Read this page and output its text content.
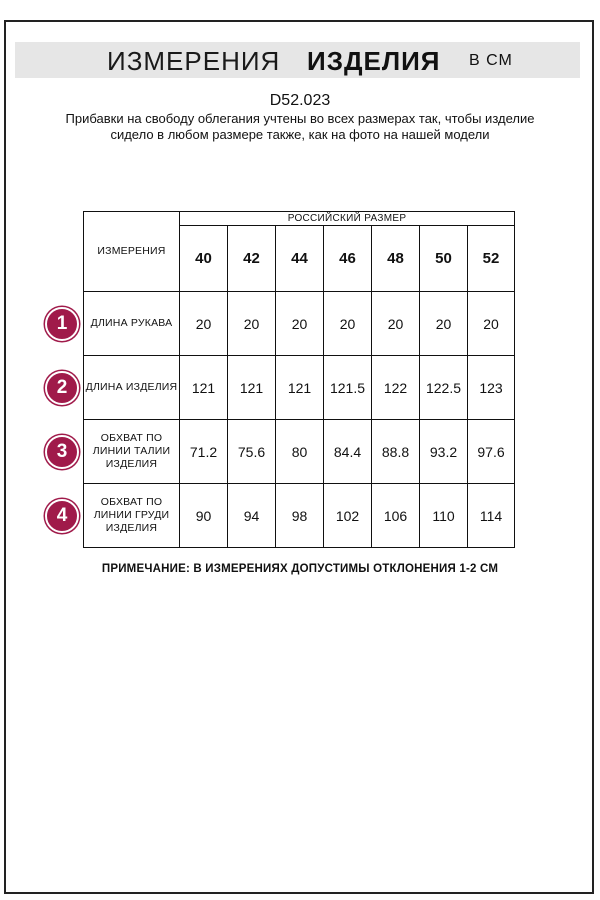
ИЗМЕРЕНИЯ ИЗДЕЛИЯ В СМ
D52.023
Прибавки на свободу облегания учтены во всех размерах так, чтобы изделие сидело в любом размере также, как на фото на нашей модели
ИЗМЕРЕНИЯ	РОССИЙСКИЙ РАЗМЕР						
	40	42	44	46	48	50	52
ДЛИНА РУКАВА	20	20	20	20	20	20	20
ДЛИНА ИЗДЕЛИЯ	121	121	121	121.5	122	122.5	123
ОБХВАТ ПО ЛИНИИ ТАЛИИ ИЗДЕЛИЯ	71.2	75.6	80	84.4	88.8	93.2	97.6
ОБХВАТ ПО ЛИНИИ ГРУДИ ИЗДЕЛИЯ	90	94	98	102	106	110	114
1
2
3
4
ПРИМЕЧАНИЕ: В ИЗМЕРЕНИЯХ ДОПУСТИМЫ ОТКЛОНЕНИЯ 1-2 СМ
